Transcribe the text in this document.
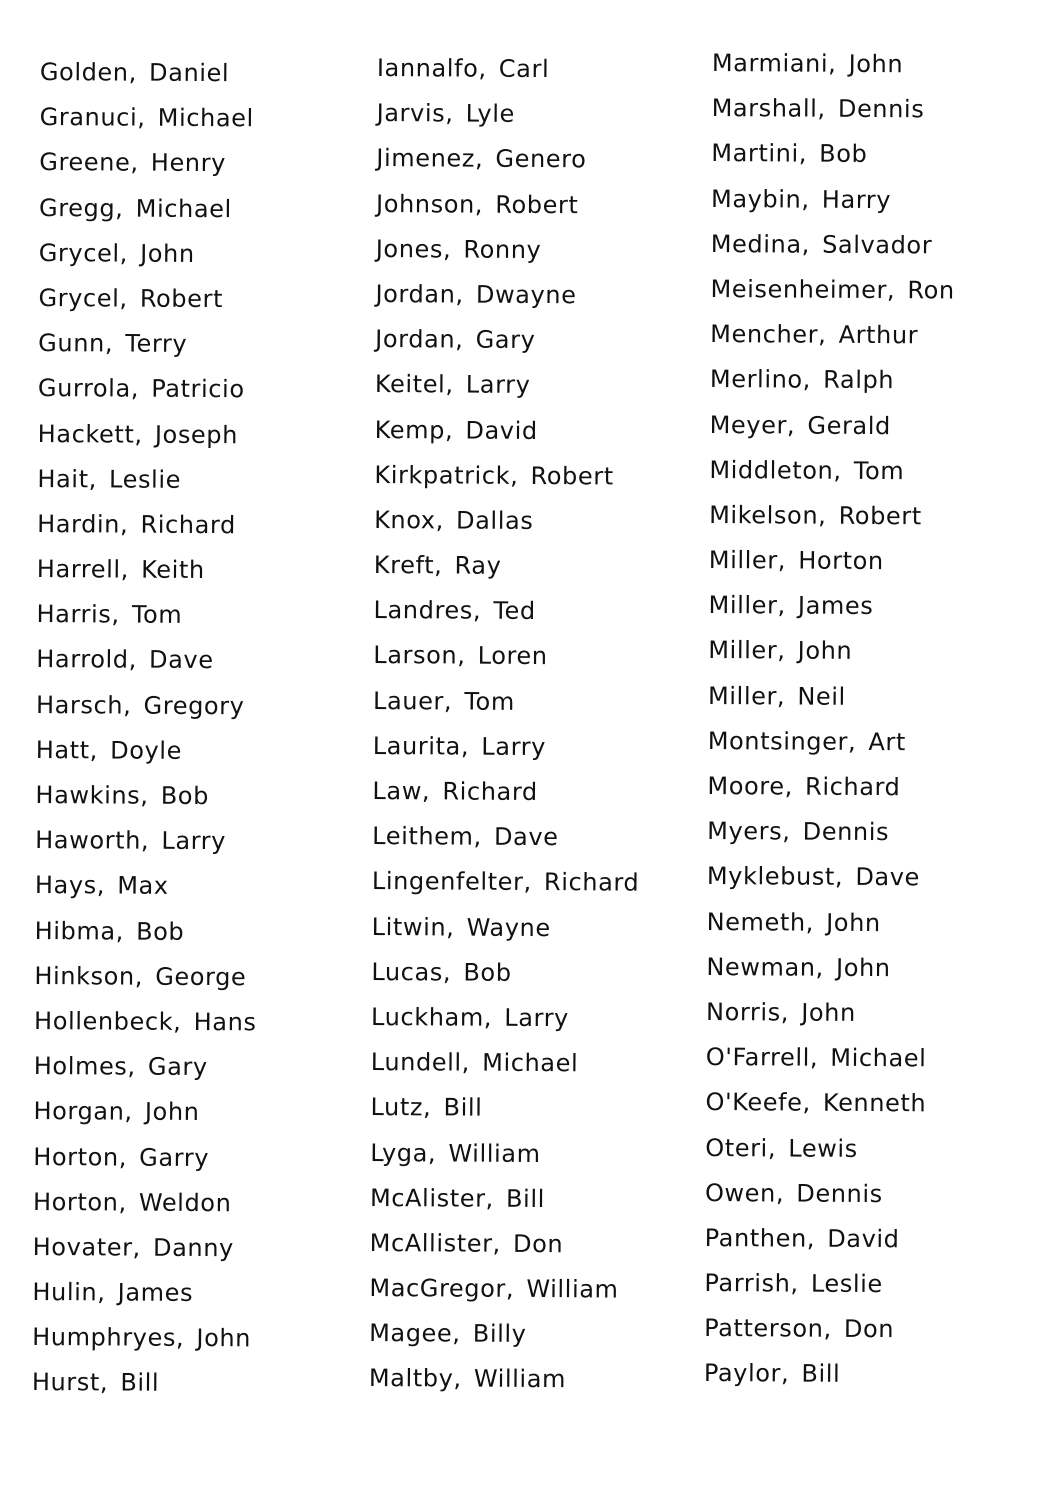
Golden, Daniel
Granuci, Michael
Greene, Henry
Gregg, Michael
Grycel, John
Grycel, Robert
Gunn, Terry
Gurrola, Patricio
Hackett, Joseph
Hait, Leslie
Hardin, Richard
Harrell, Keith
Harris, Tom
Harrold, Dave
Harsch, Gregory
Hatt, Doyle
Hawkins, Bob
Haworth, Larry
Hays, Max
Hibma, Bob
Hinkson, George
Hollenbeck, Hans
Holmes, Gary
Horgan, John
Horton, Garry
Horton, Weldon
Hovater, Danny
Hulin, James
Humphryes, John
Hurst, Bill
Iannalfo, Carl
Jarvis, Lyle
Jimenez, Genero
Johnson, Robert
Jones, Ronny
Jordan, Dwayne
Jordan, Gary
Keitel, Larry
Kemp, David
Kirkpatrick, Robert
Knox, Dallas
Kreft, Ray
Landres, Ted
Larson, Loren
Lauer, Tom
Laurita, Larry
Law, Richard
Leithem, Dave
Lingenfelter, Richard
Litwin, Wayne
Lucas, Bob
Luckham, Larry
Lundell, Michael
Lutz, Bill
Lyga, William
McAlister, Bill
McAllister, Don
MacGregor, William
Magee, Billy
Maltby, William
Marmiani, John
Marshall, Dennis
Martini, Bob
Maybin, Harry
Medina, Salvador
Meisenheimer, Ron
Mencher, Arthur
Merlino, Ralph
Meyer, Gerald
Middleton, Tom
Mikelson, Robert
Miller, Horton
Miller, James
Miller, John
Miller, Neil
Montsinger, Art
Moore, Richard
Myers, Dennis
Myklebust, Dave
Nemeth, John
Newman, John
Norris, John
O'Farrell, Michael
O'Keefe, Kenneth
Oteri, Lewis
Owen, Dennis
Panthen, David
Parrish, Leslie
Patterson, Don
Paylor, Bill
